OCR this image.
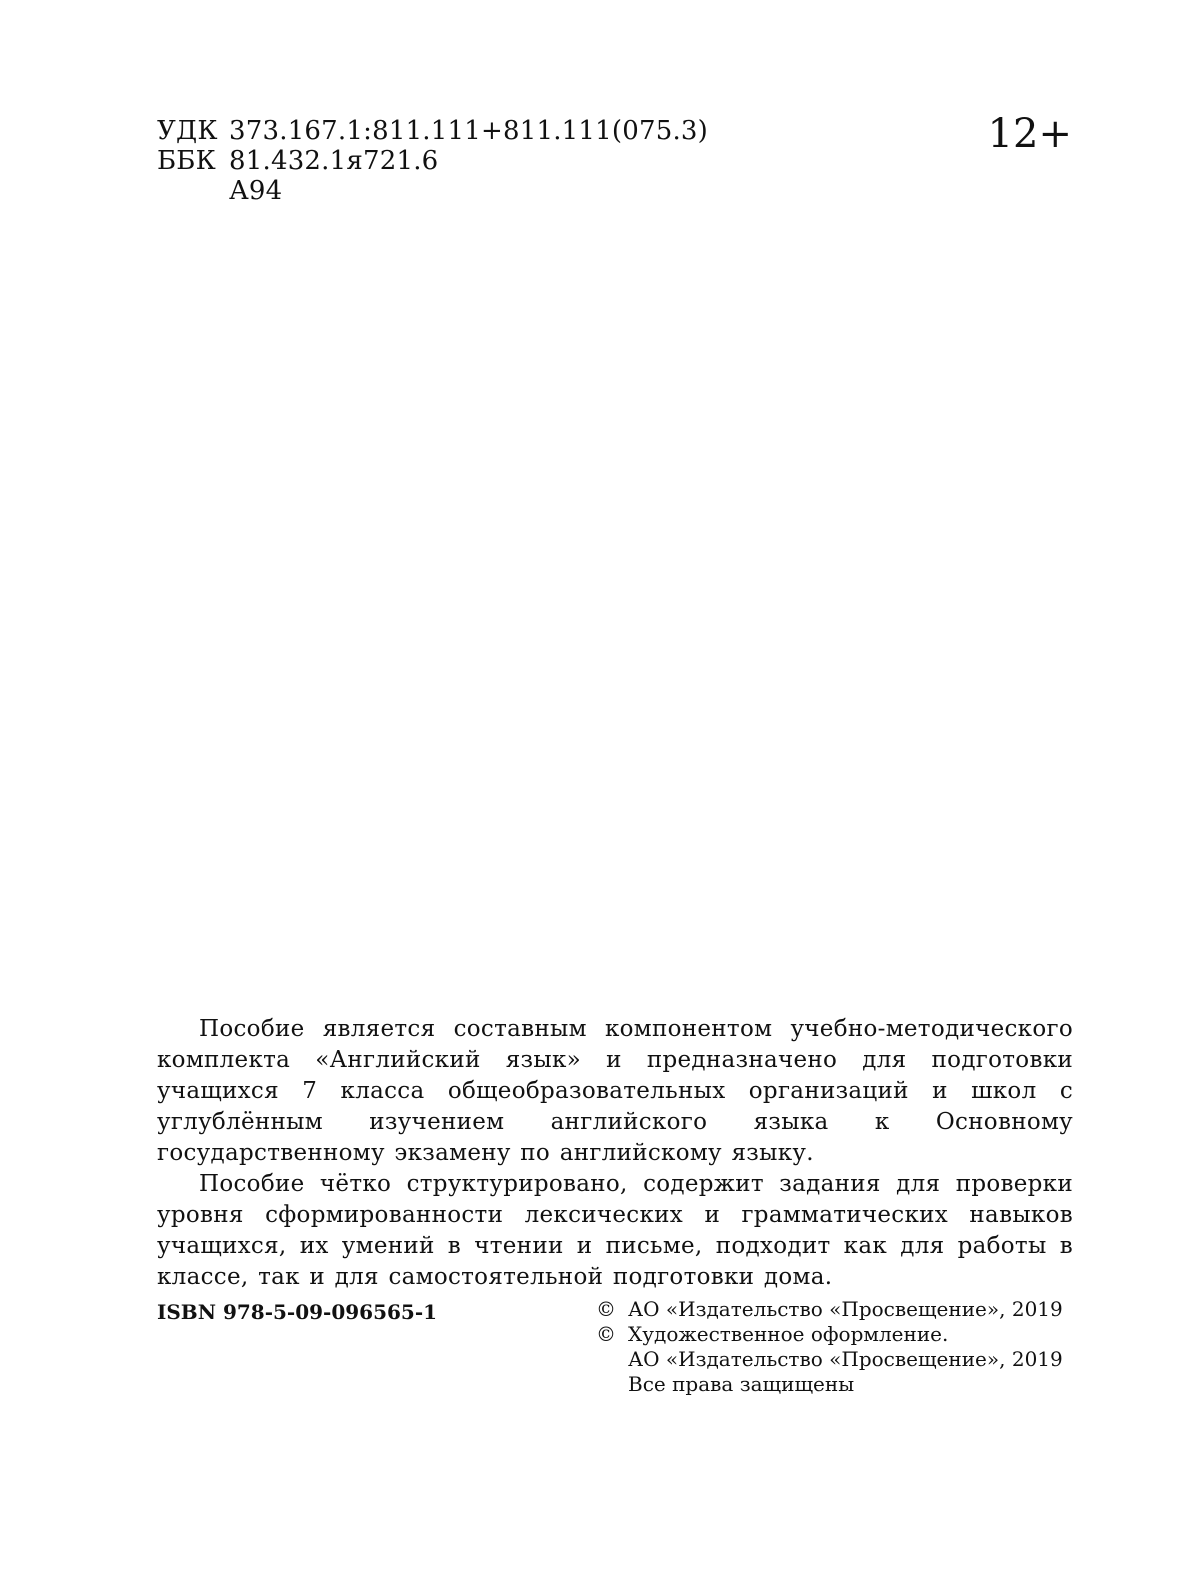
УДК 373.167.1:811.111+811.111(075.3)
ББК 81.432.1я721.6
А94
12+

Пособие является составным компонентом учебно-методического комплекта «Английский язык» и предназначено для подготовки учащихся 7 класса общеобразовательных организаций и школ с углублённым изучением английского языка к Основному государственному экзамену по английскому языку.

Пособие чётко структурировано, содержит задания для проверки уровня сформированности лексических и грамматических навыков учащихся, их умений в чтении и письме, подходит как для работы в классе, так и для самостоятельной подготовки дома.

ISBN 978-5-09-096565-1	© АО «Издательство «Просвещение», 2019
© Художественное оформление.
АО «Издательство «Просвещение», 2019
Все права защищены
